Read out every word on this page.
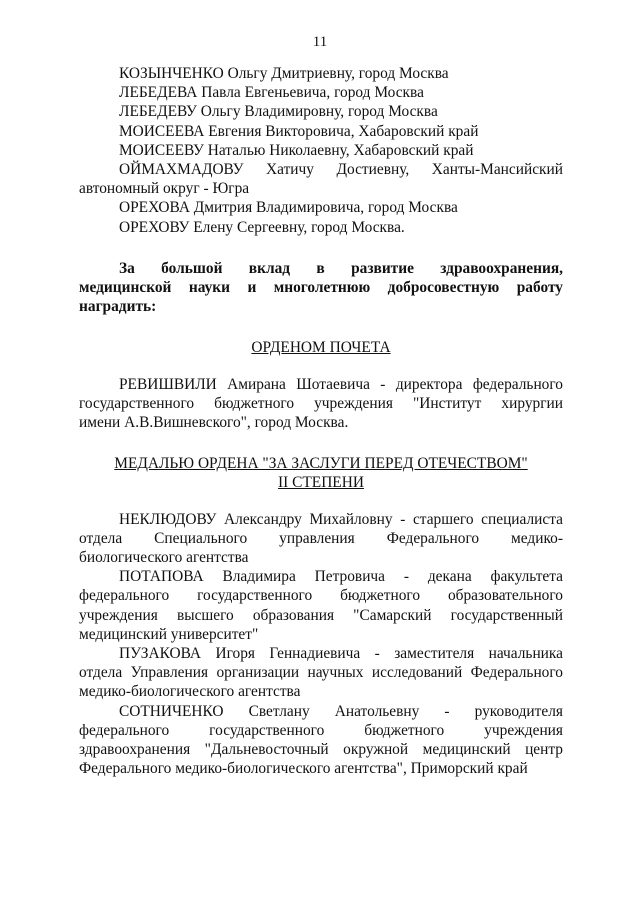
11
КОЗЫНЧЕНКО Ольгу Дмитриевну, город Москва
ЛЕБЕДЕВА Павла Евгеньевича, город Москва
ЛЕБЕДЕВУ Ольгу Владимировну, город Москва
МОИСЕЕВА Евгения Викторовича, Хабаровский край
МОИСЕЕВУ Наталью Николаевну, Хабаровский край
ОЙМАХМАДОВУ Хатичу Достиевну, Ханты-Мансийский
автономный округ - Югра
ОРЕХОВА Дмитрия Владимировича, город Москва
ОРЕХОВУ Елену Сергеевну, город Москва.
За большой вклад в развитие здравоохранения,
медицинской науки и многолетнюю добросовестную работу
наградить:

ОРДЕНОМ ПОЧЕТА

РЕВИШВИЛИ Амирана Шотаевича - директора федерального
государственного бюджетного учреждения "Институт хирургии
имени А.В.Вишневского", город Москва.

МЕДАЛЬЮ ОРДЕНА "ЗА ЗАСЛУГИ ПЕРЕД ОТЕЧЕСТВОМ"

II СТЕПЕНИ

НЕКЛЮДОВУ Александру Михайловну - старшего специалиста
отдела Специального управления Федерального медико-
биологического агентства
ПОТАПОВА Владимира Петровича - декана факультета
федерального государственного бюджетного образовательного
учреждения высшего образования "Самарский государственный
медицинский университет"
ПУЗАКОВА Игоря Геннадиевича - заместителя начальника
отдела Управления организации научных исследований Федерального
медико-биологического агентства
СОТНИЧЕНКО Светлану Анатольевну - руководителя
федерального государственного бюджетного учреждения
здравоохранения "Дальневосточный окружной медицинский центр
Федерального медико-биологического агентства", Приморский край
